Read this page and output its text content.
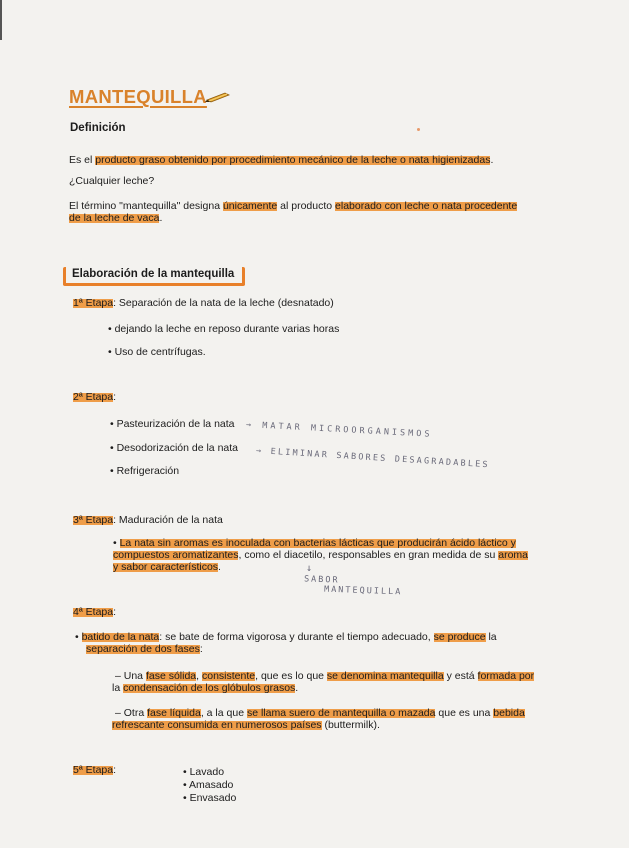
MANTEQUILLA
Definición
Es el producto graso obtenido por procedimiento mecánico de la leche o nata higienizadas.
¿Cualquier leche?
El término "mantequilla" designa únicamente al producto elaborado con leche o nata procedente
de la leche de vaca.
Elaboración de la mantequilla
1ª Etapa: Separación de la nata de la leche (desnatado)
• dejando la leche en reposo durante varias horas
• Uso de centrífugas.
2ª Etapa:
• Pasteurización de la nata → MATAR MICROORGANISMOS
• Desodorización de la nata → ELIMINAR SABORES DESAGRADABLES
• Refrigeración
3ª Etapa: Maduración de la nata
• La nata sin aromas es inoculada con bacterias lácticas que producirán ácido láctico y
compuestos aromatizantes, como el diacetilo, responsables en gran medida de su aroma
y sabor característicos.	↓
SABOR
MANTEQUILLA
4ª Etapa:
• batido de la nata: se bate de forma vigorosa y durante el tiempo adecuado, se produce la
separación de dos fases:
– Una fase sólida, consistente, que es lo que se denomina mantequilla y está formada por
la condensación de los glóbulos grasos.
– Otra fase líquida, a la que se llama suero de mantequilla o mazada que es una bebida
refrescante consumida en numerosos países (buttermilk).
5ª Etapa:	• Lavado
• Amasado
• Envasado
